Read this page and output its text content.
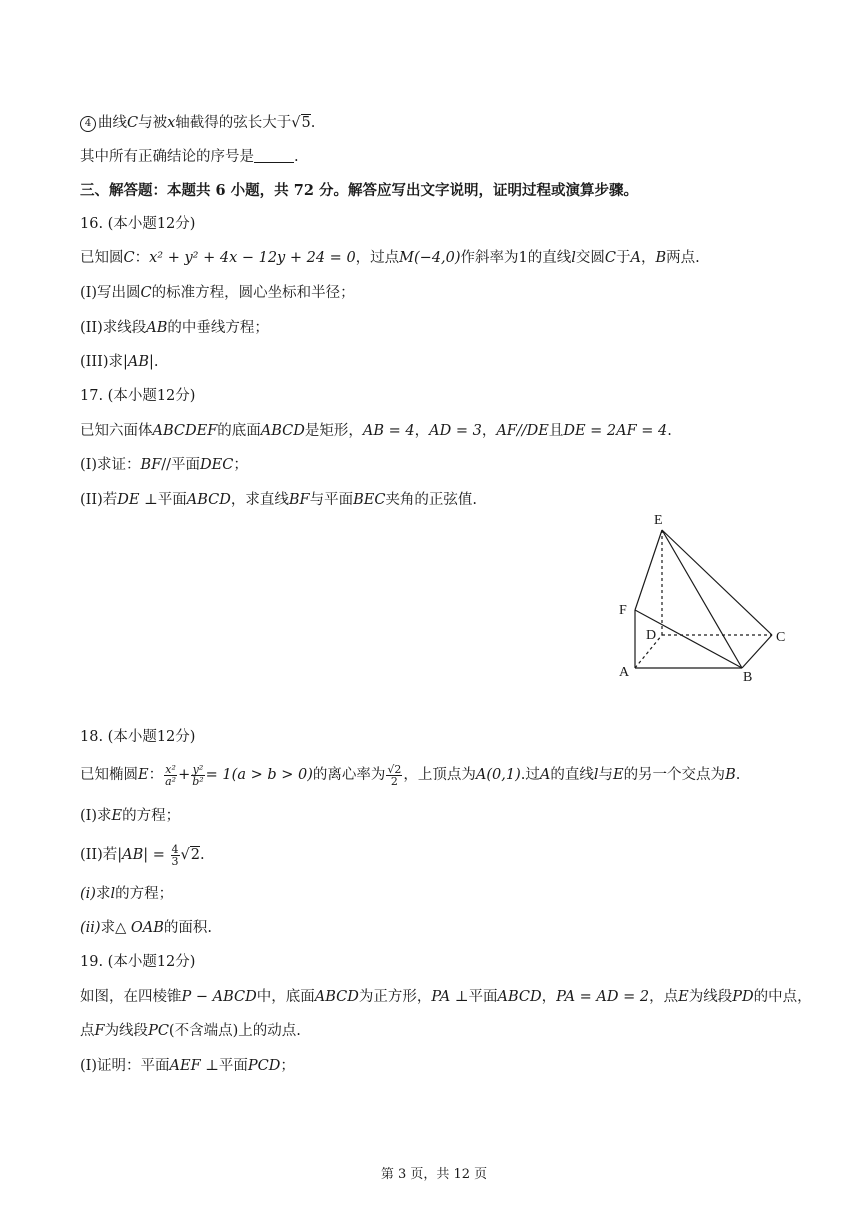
4 曲线C与被x轴截得的弦长大于√5.
其中所有正确结论的序号是	.
三、解答题：本题共 6 小题，共 72 分。解答应写出文字说明，证明过程或演算步骤。
16. (本小题12分)
已知圆C：x² + y² + 4x − 12y + 24 = 0，过点M(−4,0)作斜率为1的直线l交圆C于A，B两点.
(I)写出圆C的标准方程，圆心坐标和半径；
(II)求线段AB的中垂线方程；
(III)求|AB|.
17. (本小题12分)
已知六面体ABCDEF的底面ABCD是矩形，AB = 4，AD = 3，AF//DE且DE = 2AF = 4.
(I)求证：BF//平面DEC；
(II)若DE ⊥平面ABCD，求直线BF与平面BEC夹角的正弦值.
E
F
D	C
A	B
18. (本小题12分)
已知椭圆E： $\frac{\text{x²}}{\text{a²}} + \frac{\text{y²}}{\text{b²}} = 1(a > b > 0)$的离心率为 $\frac{√2}{2}$ ，上顶点为A(0,1).过A的直线l与E的另一个交点为B.
(I)求E的方程；
(II)若$|AB| = \frac{4}{3} √2$.
(i)求l的方程；
(ii)求△ OAB的面积.
19. (本小题12分)
如图，在四棱锥P − ABCD中，底面ABCD为正方形，PA ⊥平面ABCD，PA = AD = 2，点E为线段PD的中点，
点F为线段PC(不含端点)上的动点.
(I)证明：平面AEF ⊥平面PCD；
第 3 页，共 12 页
